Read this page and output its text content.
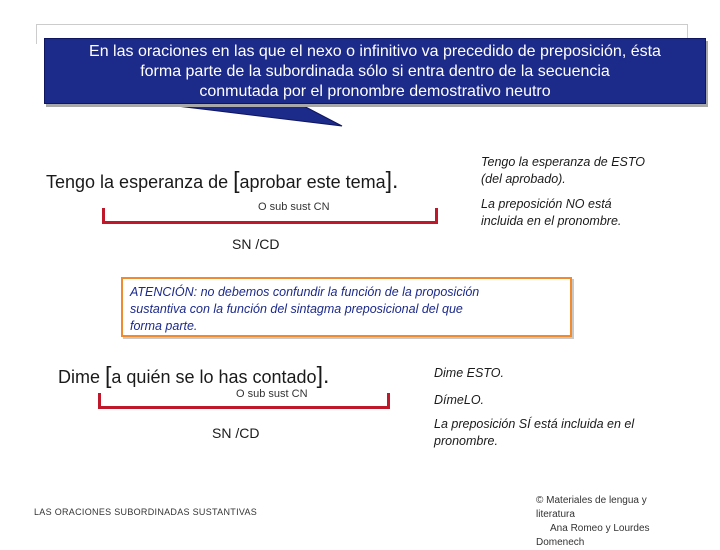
En las oraciones en las que el nexo o infinitivo va precedido de preposición, ésta
forma parte de la subordinada sólo si entra dentro de la secuencia
conmutada por el pronombre demostrativo neutro
Tengo la esperanza de [aprobar este tema].
O sub sust CN
SN /CD
Tengo la esperanza de ESTO
(del aprobado).
La preposición NO está
incluida en el pronombre.
ATENCIÓN: no debemos confundir la función de la proposición
sustantiva con la función del sintagma preposicional del que
forma parte.
Dime [a quién se lo has contado].
O sub sust CN
SN /CD
Dime ESTO.
DímeLO.
La preposición SÍ está incluida en el
pronombre.
LAS ORACIONES SUBORDINADAS SUSTANTIVAS
© Materiales de lengua y
literatura
Ana Romeo y Lourdes
Domenech
